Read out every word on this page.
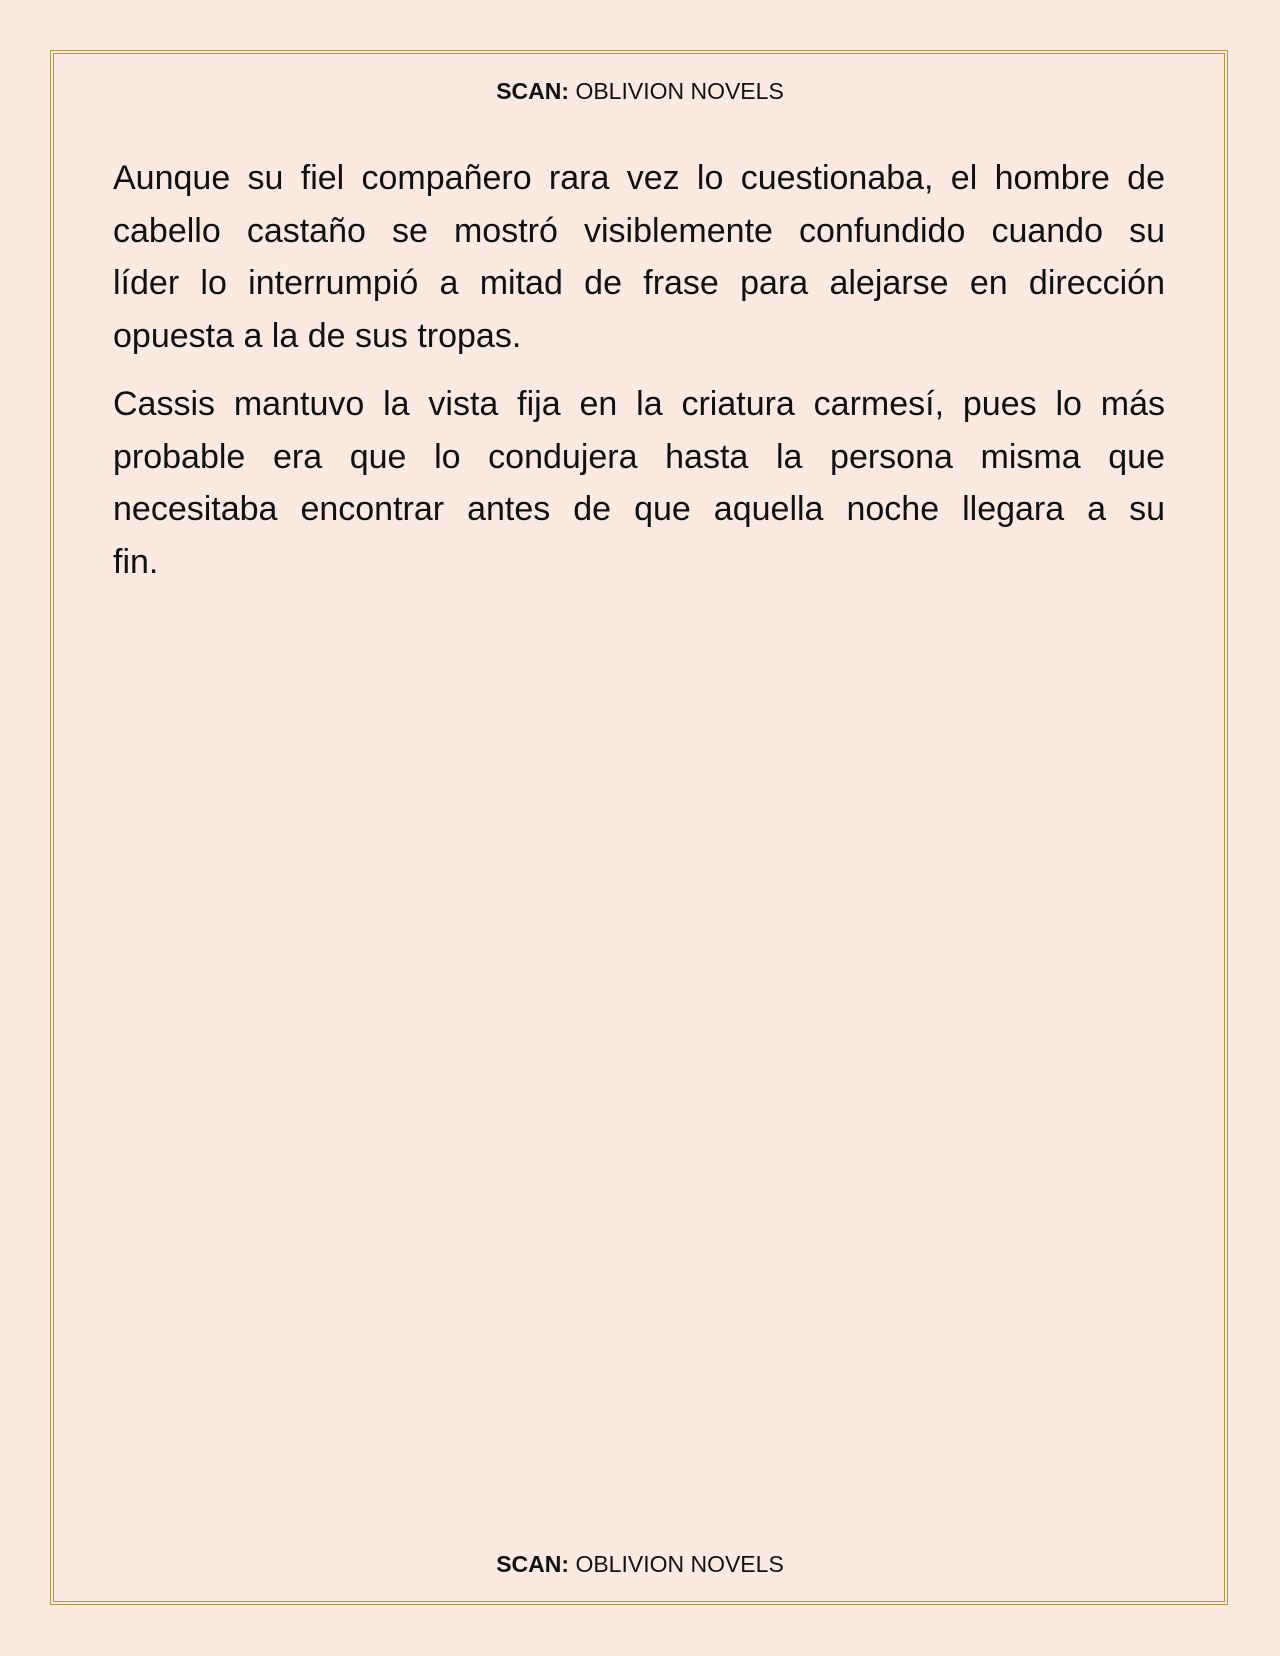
SCAN: OBLIVION NOVELS

Aunque su fiel compañero rara vez lo cuestionaba, el hombre de
cabello castaño se mostró visiblemente confundido cuando su
líder lo interrumpió a mitad de frase para alejarse en dirección
opuesta a la de sus tropas.

Cassis mantuvo la vista fija en la criatura carmesí, pues lo más
probable era que lo condujera hasta la persona misma que
necesitaba encontrar antes de que aquella noche llegara a su
fin.

SCAN: OBLIVION NOVELS
